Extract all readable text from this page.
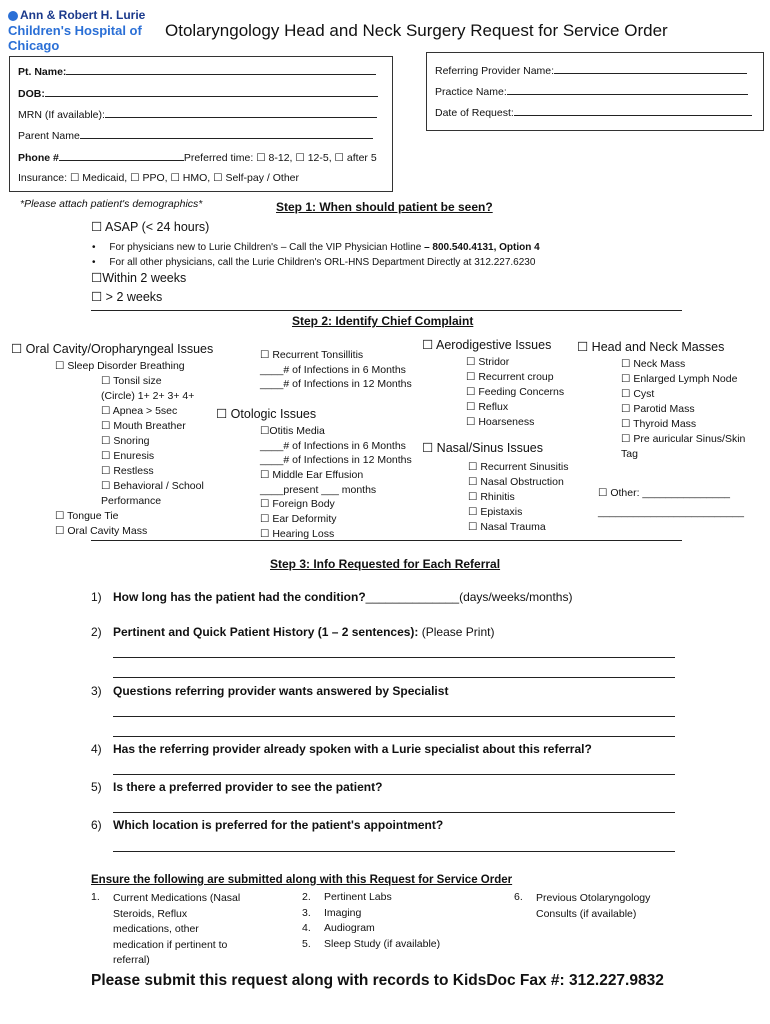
Ann & Robert H. Lurie
Children's Hospital of Chicago
Otolaryngology Head and Neck Surgery Request for Service Order
Pt. Name:
DOB:
MRN (If available):
Parent Name
Phone #	Preferred time: ☐ 8-12, ☐ 12-5, ☐ after 5
Insurance: ☐ Medicaid, ☐ PPO, ☐ HMO, ☐ Self-pay / Other
Referring Provider Name:
Practice Name:
Date of Request:
*Please attach patient's demographics*	Step 1: When should patient be seen?
☐ ASAP (< 24 hours)
•     For physicians new to Lurie Children's – Call the VIP Physician Hotline – 800.540.4131, Option 4
•     For all other physicians, call the Lurie Children's ORL-HNS Department Directly at 312.227.6230
☐Within 2 weeks
☐ > 2 weeks
Step 2: Identify Chief Complaint
☐ Oral Cavity/Oropharyngeal Issues
☐ Sleep Disorder Breathing
☐ Tonsil size
(Circle) 1+ 2+ 3+ 4+
☐ Apnea > 5sec
☐ Mouth Breather
☐ Snoring
☐ Enuresis
☐ Restless
☐ Behavioral / School
Performance
☐ Tongue Tie
☐ Oral Cavity Mass
☐ Recurrent Tonsillitis
____# of Infections in 6 Months
____# of Infections in 12 Months
☐ Otologic Issues
☐Otitis Media
____# of Infections in 6 Months
____# of Infections in 12 Months
☐ Middle Ear Effusion
____present ___ months
☐ Foreign Body
☐ Ear Deformity
☐ Hearing Loss
☐ Aerodigestive Issues
☐ Stridor
☐ Recurrent croup
☐ Feeding Concerns
☐ Reflux
☐ Hoarseness
☐ Nasal/Sinus Issues
☐ Recurrent Sinusitis
☐ Nasal Obstruction
☐ Rhinitis
☐ Epistaxis
☐ Nasal Trauma
☐ Head and Neck Masses
☐ Neck Mass
☐ Enlarged Lymph Node
☐ Cyst
☐ Parotid Mass
☐ Thyroid Mass
☐ Pre auricular Sinus/Skin
Tag
☐ Other: _______________
_________________________
Step 3: Info Requested for Each Referral
1) How long has the patient had the condition?______________(days/weeks/months)
2) Pertinent and Quick Patient History (1 – 2 sentences): (Please Print)
3) Questions referring provider wants answered by Specialist
4) Has the referring provider already spoken with a Lurie specialist about this referral?
5) Is there a preferred provider to see the patient?
6) Which location is preferred for the patient's appointment?
Ensure the following are submitted along with this Request for Service Order
1. Current Medications (Nasal
Steroids, Reflux
medications, other
medication if pertinent to
referral)
2. Pertinent Labs
3. Imaging
4. Audiogram
5. Sleep Study (if available)
6. Previous Otolaryngology
Consults (if available)
Please submit this request along with records to KidsDoc Fax #: 312.227.9832
